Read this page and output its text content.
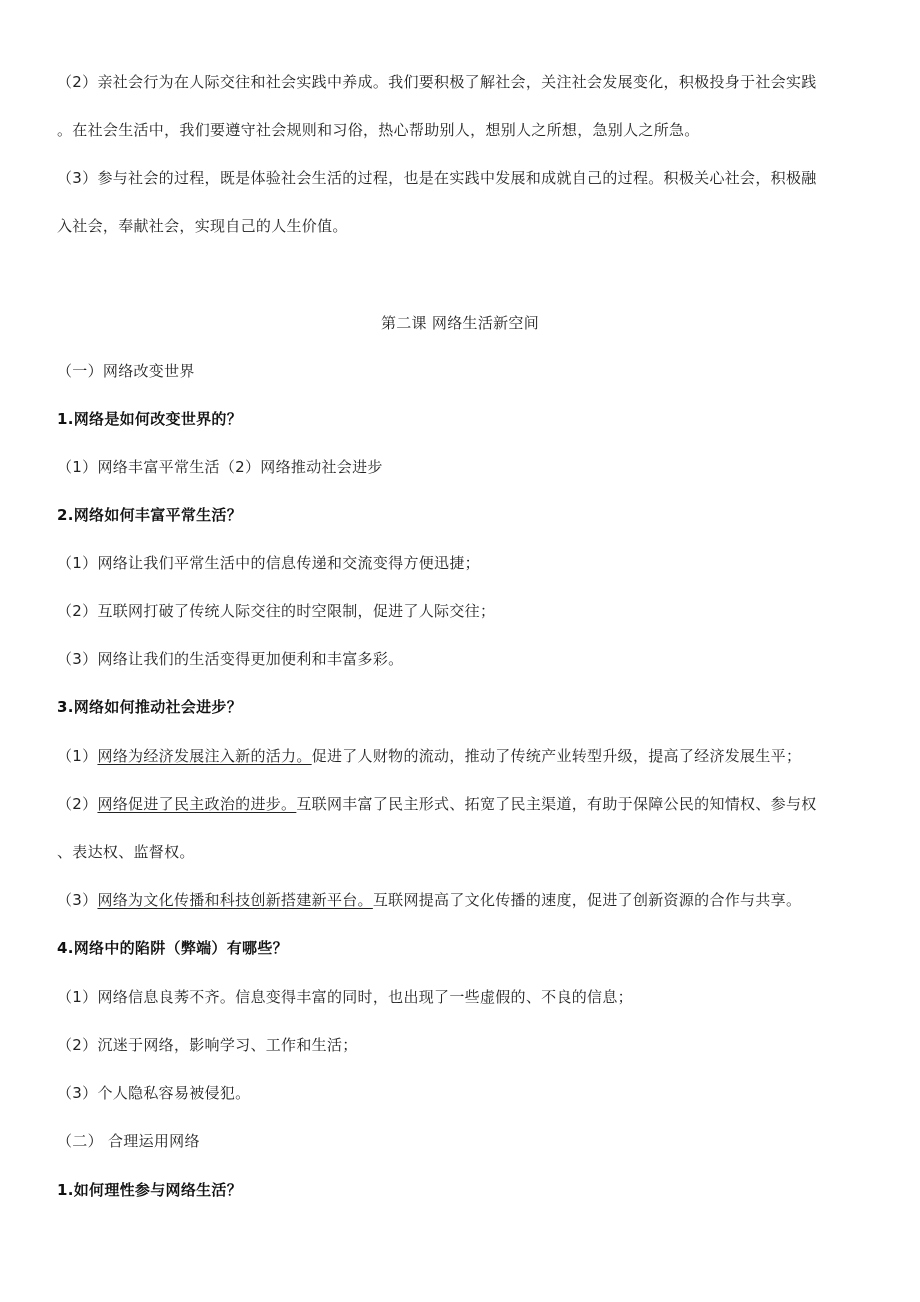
（2）亲社会行为在人际交往和社会实践中养成。我们要积极了解社会，关注社会发展变化，积极投身于社会实践
。在社会生活中，我们要遵守社会规则和习俗，热心帮助别人，想别人之所想，急别人之所急。
（3）参与社会的过程，既是体验社会生活的过程，也是在实践中发展和成就自己的过程。积极关心社会，积极融
入社会，奉献社会，实现自己的人生价值。
第二课 网络生活新空间
（一）网络改变世界
1.网络是如何改变世界的？
（1）网络丰富平常生活（2）网络推动社会进步
2.网络如何丰富平常生活？
（1）网络让我们平常生活中的信息传递和交流变得方便迅捷；
（2）互联网打破了传统人际交往的时空限制，促进了人际交往；
（3）网络让我们的生活变得更加便利和丰富多彩。
3.网络如何推动社会进步？
（1）网络为经济发展注入新的活力。促进了人财物的流动，推动了传统产业转型升级，提高了经济发展生平；
（2）网络促进了民主政治的进步。互联网丰富了民主形式、拓宽了民主渠道，有助于保障公民的知情权、参与权
、表达权、监督权。
（3）网络为文化传播和科技创新搭建新平台。互联网提高了文化传播的速度，促进了创新资源的合作与共享。
4.网络中的陷阱（弊端）有哪些？
（1）网络信息良莠不齐。信息变得丰富的同时，也出现了一些虚假的、不良的信息；
（2）沉迷于网络，影响学习、工作和生活；
（3）个人隐私容易被侵犯。
（二） 合理运用网络
1.如何理性参与网络生活？
